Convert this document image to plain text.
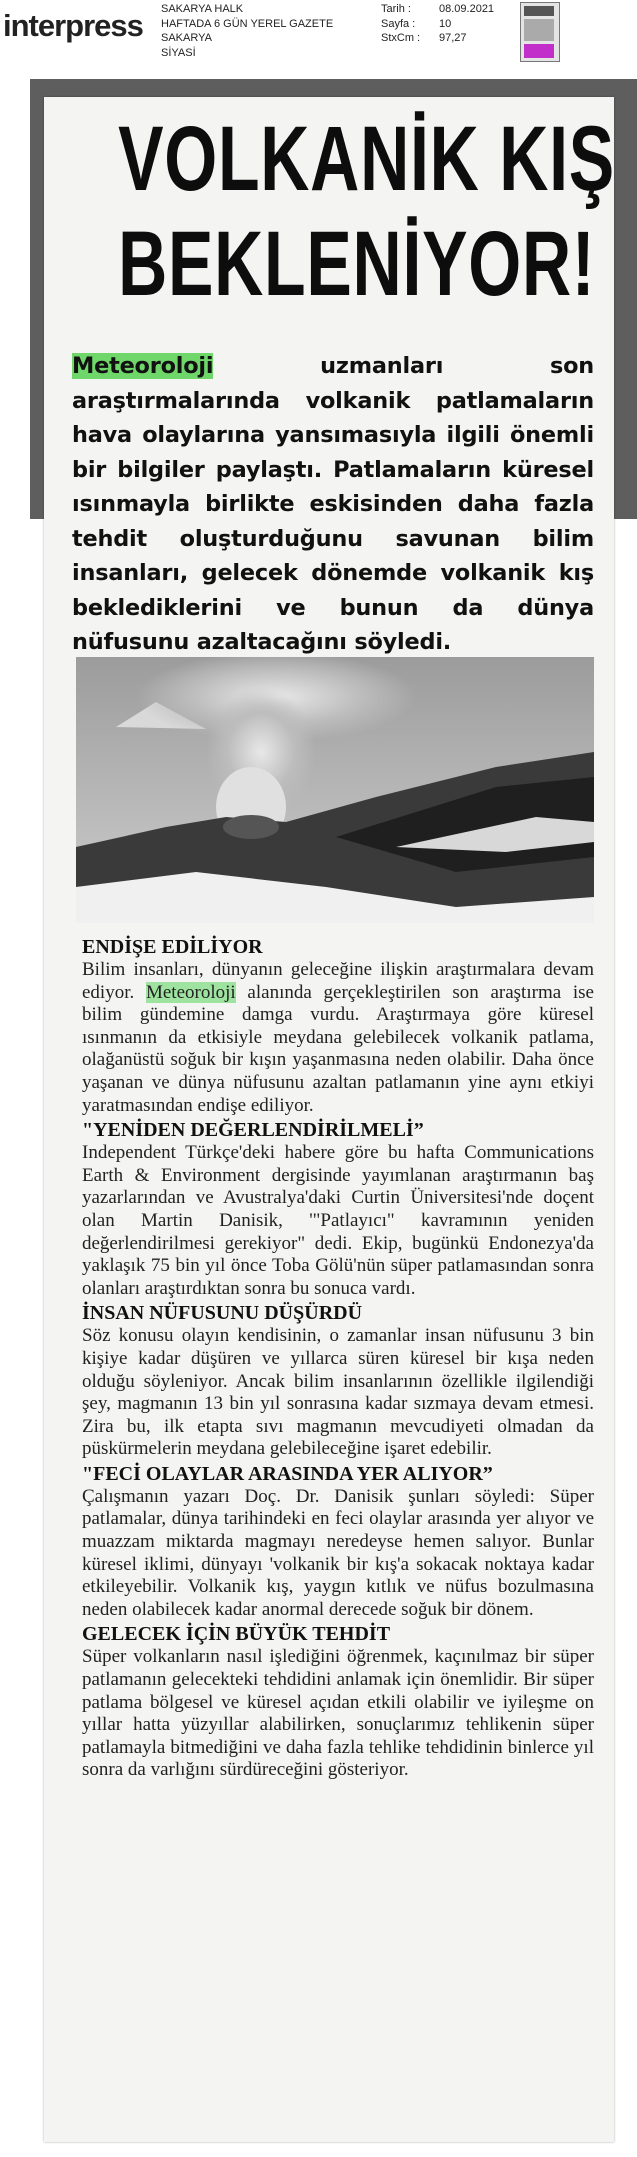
interpress SAKARYA HALK
HAFTADA 6 GÜN YEREL GAZETE
SAKARYA
SİYASİ
Tarih :	08.09.2021
Sayfa : 10
StxCm : 97,27
VOLKANİK KIŞ
BEKLENİYOR!
Meteoroloji uzmanları son araştırmalarında volkanik patlamaların hava olaylarına yansımasıyla ilgili önemli bir bilgiler paylaştı. Patlamaların küresel ısınmayla birlikte eskisinden daha fazla tehdit oluşturduğunu savunan bilim insanları, gelecek dönemde volkanik kış beklediklerini ve bunun da dünya nüfusunu azaltacağını söyledi.
ENDİŞE EDİLİYOR

Bilim insanları, dünyanın geleceğine ilişkin araştırmalara devam ediyor. Meteoroloji alanında gerçekleştirilen son araştırma ise bilim gündemine damga vurdu. Araştırmaya göre küresel ısınmanın da etkisiyle meydana gelebilecek volkanik patlama, olağanüstü soğuk bir kışın yaşanmasına neden olabilir. Daha önce yaşanan ve dünya nüfusunu azaltan patlamanın yine aynı etkiyi yaratmasından endişe ediliyor.

"YENİDEN DEĞERLENDİRİLMELİ”

Independent Türkçe'deki habere göre bu hafta Communications Earth & Environment dergisinde yayımlanan araştırmanın baş yazarlarından ve Avustralya'daki Curtin Üniversitesi'nde doçent olan Martin Danisik, '"Patlayıcı" kavramının yeniden değerlendirilmesi gerekiyor" dedi. Ekip, bugünkü Endonezya'da yaklaşık 75 bin yıl önce Toba Gölü'nün süper patlamasından sonra olanları araştırdıktan sonra bu sonuca vardı.

İNSAN NÜFUSUNU DÜŞÜRDÜ

Söz konusu olayın kendisinin, o zamanlar insan nüfusunu 3 bin kişiye kadar düşüren ve yıllarca süren küresel bir kışa neden olduğu söyleniyor. Ancak bilim insanlarının özellikle ilgilendiği şey, magmanın 13 bin yıl sonrasına kadar sızmaya devam etmesi. Zira bu, ilk etapta sıvı magmanın mevcudiyeti olmadan da püskürmelerin meydana gelebileceğine işaret edebilir.

"FECİ OLAYLAR ARASINDA YER ALIYOR”

Çalışmanın yazarı Doç. Dr. Danisik şunları söyledi: Süper patlamalar, dünya tarihindeki en feci olaylar arasında yer alıyor ve muazzam miktarda magmayı neredeyse hemen salıyor. Bunlar küresel iklimi, dünyayı 'volkanik bir kış'a sokacak noktaya kadar etkileyebilir. Volkanik kış, yaygın kıtlık ve nüfus bozulmasına neden olabilecek kadar anormal derecede soğuk bir dönem.

GELECEK İÇİN BÜYÜK TEHDİT

Süper volkanların nasıl işlediğini öğrenmek, kaçınılmaz bir süper patlamanın gelecekteki tehdidini anlamak için önemlidir. Bir süper patlama bölgesel ve küresel açıdan etkili olabilir ve iyileşme on yıllar hatta yüzyıllar alabilirken, sonuçlarımız tehlikenin süper patlamayla bitmediğini ve daha fazla tehlike tehdidinin binlerce yıl sonra da varlığını sürdüreceğini gösteriyor.
